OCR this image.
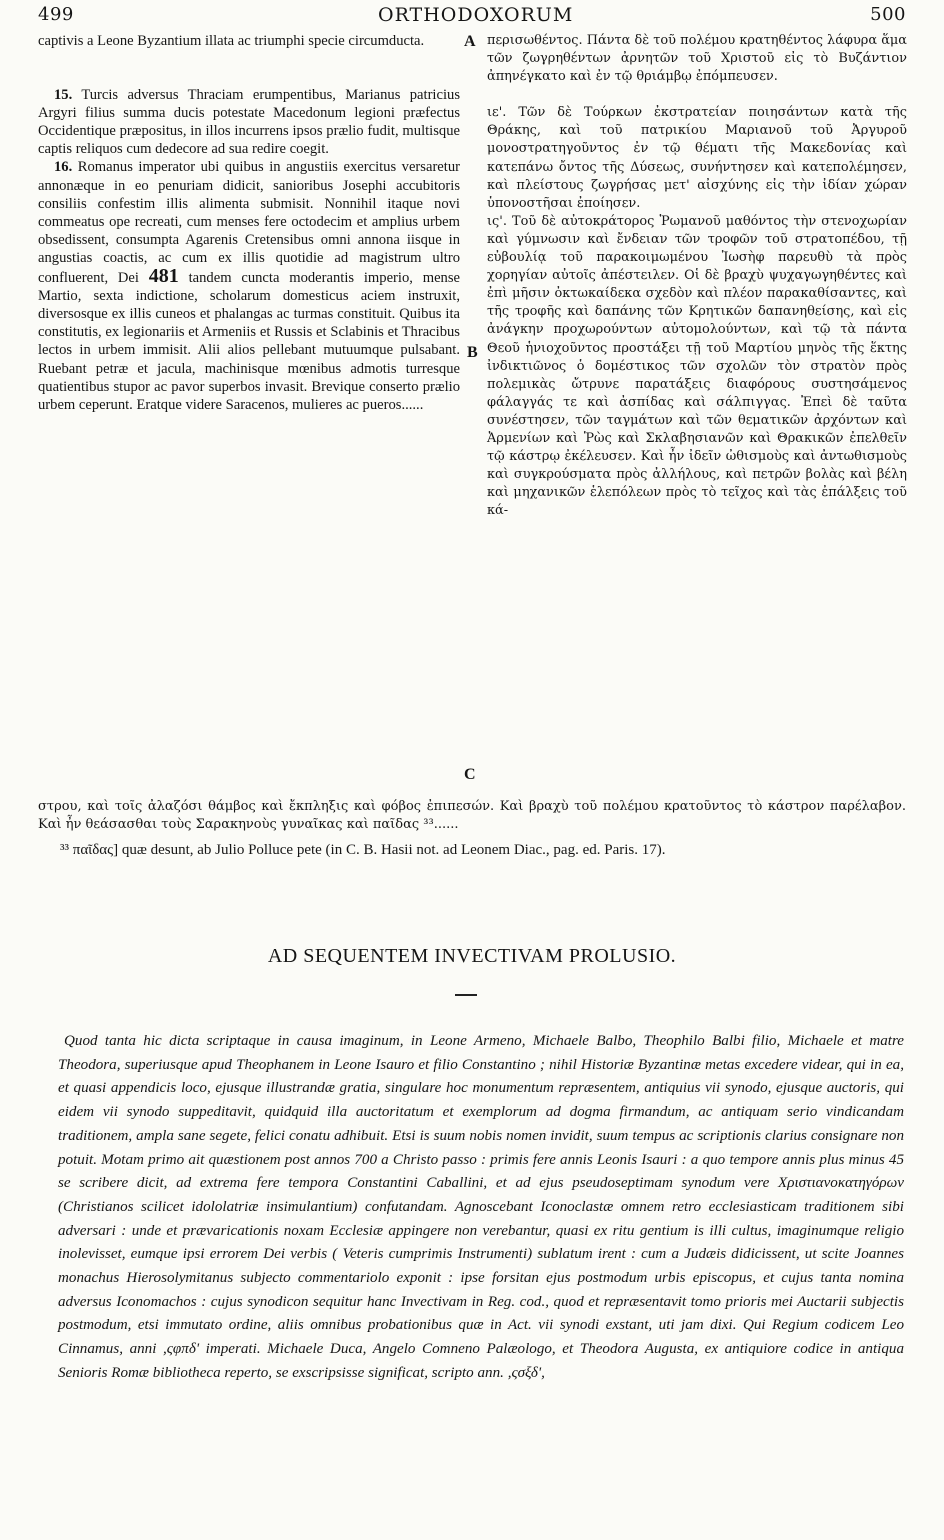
499	ORTHODOXORUM	500

captivis a Leone Byzantium illata ac triumphi specie circumducta.

15. Turcis adversus Thraciam erumpentibus, Marianus patricius Argyri filius summa ducis potestate Macedonum legioni præfectus Occidentique præpositus, in illos incurrens ipsos prælio fudit, multisque captis reliquos cum dedecore ad sua redire coegit.

16. Romanus imperator ubi quibus in angustiis exercitus versaretur annonæque in eo penuriam didicit, sanioribus Josephi accubitoris consiliis confestim illis alimenta submisit. Nonnihil itaque novi commeatus ope recreati, cum menses fere octodecim et amplius urbem obsedissent, consumpta Agarenis Cretensibus omni annona iisque in angustias coactis, ac cum ex illis quotidie ad magistrum ultro confluerent, Dei 481 tandem cuncta moderantis imperio, mense Martio, sexta indictione, scholarum domesticus aciem instruxit, diversosque ex illis cuneos et phalangas ac turmas constituit. Quibus ita constitutis, ex legionariis et Armeniis et Russis et Sclabinis et Thracibus lectos in urbem immisit. Alii alios pellebant mutuumque pulsabant. Ruebant petræ et jacula, machinisque mœnibus admotis turresque quatientibus stupor ac pavor superbos invasit. Brevique conserto prælio urbem ceperunt. Eratque videre Saracenos, mulieres ac pueros......

A
B
C

περισωθέντος. Πάντα δὲ τοῦ πολέμου κρατηθέντος λάφυρα ἅμα τῶν ζωγρηθέντων ἀρνητῶν τοῦ Χριστοῦ εἰς τὸ Βυζάντιον ἀπηνέγκατο καὶ ἐν τῷ θριάμβῳ ἐπόμπευσεν.

ιε'. Τῶν δὲ Τούρκων ἐκστρατείαν ποιησάντων κατὰ τῆς Θράκης, καὶ τοῦ πατρικίου Μαριανοῦ τοῦ Ἀργυροῦ μονοστρατηγοῦντος ἐν τῷ θέματι τῆς Μακεδονίας καὶ κατεπάνω ὄντος τῆς Δύσεως, συνήντησεν καὶ κατεπολέμησεν, καὶ πλείστους ζωγρήσας μετ' αἰσχύνης εἰς τὴν ἰδίαν χώραν ὑπονοστῆσαι ἐποίησεν.

ις'. Τοῦ δὲ αὐτοκράτορος Ῥωμανοῦ μαθόντος τὴν στενοχωρίαν καὶ γύμνωσιν καὶ ἔνδειαν τῶν τροφῶν τοῦ στρατοπέδου, τῇ εὐβουλίᾳ τοῦ παρακοιμωμένου Ἰωσὴφ παρευθὺ τὰ πρὸς χορηγίαν αὐτοῖς ἀπέστειλεν. Οἱ δὲ βραχὺ ψυχαγωγηθέντες καὶ ἐπὶ μῆσιν ὀκτωκαίδεκα σχεδὸν καὶ πλέον παρακαθίσαντες, καὶ τῆς τροφῆς καὶ δαπάνης τῶν Κρητικῶν δαπανηθείσης, καὶ εἰς ἀνάγκην προχωρούντων αὐτομολούντων, καὶ τῷ τὰ πάντα Θεοῦ ἡνιοχοῦντος προστάξει τῇ τοῦ Μαρτίου μηνὸς τῆς ἕκτης ἰνδικτιῶνος ὁ δομέστικος τῶν σχολῶν τὸν στρατὸν πρὸς πολεμικὰς ὤτρυνε παρατάξεις διαφόρους συστησάμενος φάλαγγάς τε καὶ ἀσπίδας καὶ σάλπιγγας. Ἐπεὶ δὲ ταῦτα συνέστησεν, τῶν ταγμάτων καὶ τῶν θεματικῶν ἀρχόντων καὶ Ἀρμενίων καὶ Ῥὼς καὶ Σκλαβησιανῶν καὶ Θρακικῶν ἐπελθεῖν τῷ κάστρῳ ἐκέλευσεν. Καὶ ἦν ἰδεῖν ὠθισμοὺς καὶ ἀντωθισμοὺς καὶ συγκρούσματα πρὸς ἀλλήλους, καὶ πετρῶν βολὰς καὶ βέλη καὶ μηχανικῶν ἑλεπόλεων πρὸς τὸ τεῖχος καὶ τὰς ἐπάλξεις τοῦ κά-

στρου, καὶ τοῖς ἀλαζόσι θάμβος καὶ ἔκπληξις καὶ φόβος ἐπιπεσών. Καὶ βραχὺ τοῦ πολέμου κρατοῦντος τὸ κάστρον παρέλαβον. Καὶ ἦν θεάσασθαι τοὺς Σαρακηνοὺς γυναῖκας καὶ παῖδας ³³......

³³ παῖδας] quæ desunt, ab Julio Polluce pete (in C. B. Hasii not. ad Leonem Diac., pag. ed. Paris. 17).
AD SEQUENTEM INVECTIVAM PROLUSIO.

Quod tanta hic dicta scriptaque in causa imaginum, in Leone Armeno, Michaele Balbo, Theophilo Balbi filio, Michaele et matre Theodora, superiusque apud Theophanem in Leone Isauro et filio Constantino ; nihil Historiæ Byzantinæ metas excedere videar, qui in ea, et quasi appendicis loco, ejusque illustrandæ gratia, singulare hoc monumentum repræsentem, antiquius vii synodo, ejusque auctoris, qui eidem vii synodo suppeditavit, quidquid illa auctoritatum et exemplorum ad dogma firmandum, ac antiquam serio vindicandam traditionem, ampla sane segete, felici conatu adhibuit. Etsi is suum nobis nomen invidit, suum tempus ac scriptionis clarius consignare non potuit. Motam primo ait quæstionem post annos 700 a Christo passo : primis fere annis Leonis Isauri : a quo tempore annis plus minus 45 se scribere dicit, ad extrema fere tempora Constantini Caballini, et ad ejus pseudoseptimam synodum vere Χριστιανοκατηγόρων (Christianos scilicet idololatriæ insimulantium) confutandam. Agnoscebant Iconoclastæ omnem retro ecclesiasticam traditionem sibi adversari : unde et prævaricationis noxam Ecclesiæ appingere non verebantur, quasi ex ritu gentium is illi cultus, imaginumque religio inolevisset, eumque ipsi errorem Dei verbis ( Veteris cumprimis Instrumenti) sublatum irent : cum a Judæis didicissent, ut scite Joannes monachus Hierosolymitanus subjecto commentariolo exponit : ipse forsitan ejus postmodum urbis episcopus, et cujus tanta nomina adversus Iconomachos : cujus synodicon sequitur hanc Invectivam in Reg. cod., quod et repræsentavit tomo prioris mei Auctarii subjectis postmodum, etsi immutato ordine, aliis omnibus probationibus quæ in Act. vii synodi exstant, uti jam dixi. Qui Regium codicem Leo Cinnamus, anni ,ςφπδ' imperati. Michaele Duca, Angelo Comneno Palæologo, et Theodora Augusta, ex antiquiore codice in antiqua Senioris Romæ bibliotheca reperto, se exscripsisse significat, scripto ann. ,ςσξδ',
